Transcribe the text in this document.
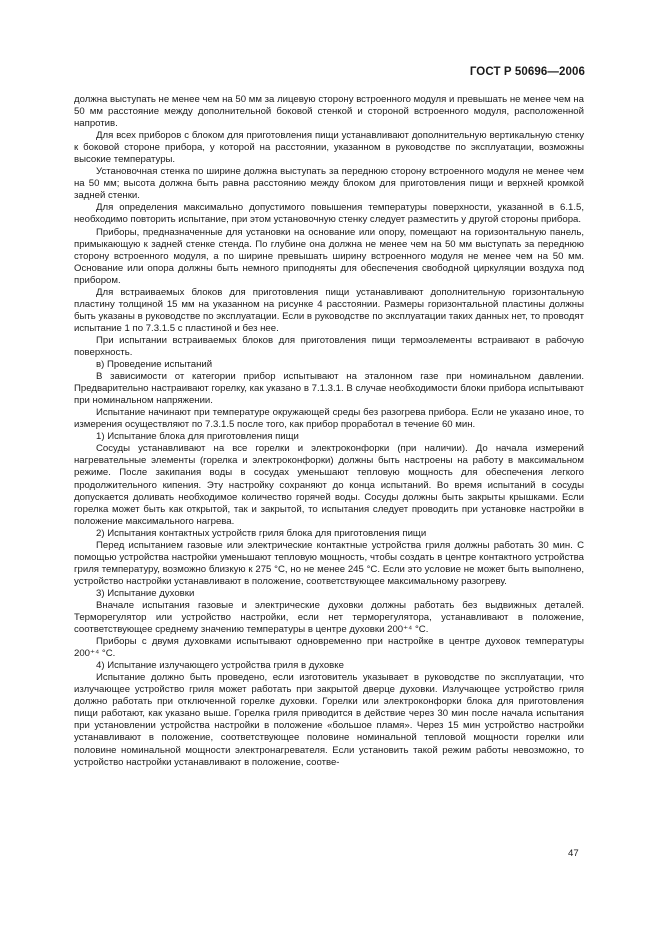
ГОСТ Р 50696—2006

должна выступать не менее чем на 50 мм за лицевую сторону встроенного модуля и превышать не менее чем на 50 мм расстояние между дополнительной боковой стенкой и стороной встроенного модуля, расположенной напротив.

Для всех приборов с блоком для приготовления пищи устанавливают дополнительную вертикальную стенку к боковой стороне прибора, у которой на расстоянии, указанном в руководстве по эксплуатации, возможны высокие температуры.

Установочная стенка по ширине должна выступать за переднюю сторону встроенного модуля не менее чем на 50 мм; высота должна быть равна расстоянию между блоком для приготовления пищи и верхней кромкой задней стенки.

Для определения максимально допустимого повышения температуры поверхности, указанной в 6.1.5, необходимо повторить испытание, при этом установочную стенку следует разместить у другой стороны прибора.

Приборы, предназначенные для установки на основание или опору, помещают на горизонтальную панель, примыкающую к задней стенке стенда. По глубине она должна не менее чем на 50 мм выступать за переднюю сторону встроенного модуля, а по ширине превышать ширину встроенного модуля не менее чем на 50 мм. Основание или опора должны быть немного приподняты для обеспечения свободной циркуляции воздуха под прибором.

Для встраиваемых блоков для приготовления пищи устанавливают дополнительную горизонтальную пластину толщиной 15 мм на указанном на рисунке 4 расстоянии. Размеры горизонтальной пластины должны быть указаны в руководстве по эксплуатации. Если в руководстве по эксплуатации таких данных нет, то проводят испытание 1 по 7.3.1.5 с пластиной и без нее.

При испытании встраиваемых блоков для приготовления пищи термоэлементы встраивают в рабочую поверхность.

в) Проведение испытаний

В зависимости от категории прибор испытывают на эталонном газе при номинальном давлении. Предварительно настраивают горелку, как указано в 7.1.3.1. В случае необходимости блоки прибора испытывают при номинальном напряжении.

Испытание начинают при температуре окружающей среды без разогрева прибора. Если не указано иное, то измерения осуществляют по 7.3.1.5 после того, как прибор проработал в течение 60 мин.

1) Испытание блока для приготовления пищи

Сосуды устанавливают на все горелки и электроконфорки (при наличии). До начала измерений нагревательные элементы (горелка и электроконфорки) должны быть настроены на работу в максимальном режиме. После закипания воды в сосудах уменьшают тепловую мощность для обеспечения легкого продолжительного кипения. Эту настройку сохраняют до конца испытаний. Во время испытаний в сосуды допускается доливать необходимое количество горячей воды. Сосуды должны быть закрыты крышками. Если горелка может быть как открытой, так и закрытой, то испытания следует проводить при установке настройки в положение максимального нагрева.

2) Испытания контактных устройств гриля блока для приготовления пищи

Перед испытанием газовые или электрические контактные устройства гриля должны работать 30 мин. С помощью устройства настройки уменьшают тепловую мощность, чтобы создать в центре контактного устройства гриля температуру, возможно близкую к 275 °С, но не менее 245 °С. Если это условие не может быть выполнено, устройство настройки устанавливают в положение, соответствующее максимальному разогреву.

3) Испытание духовки

Вначале испытания газовые и электрические духовки должны работать без выдвижных деталей. Терморегулятор или устройство настройки, если нет терморегулятора, устанавливают в положение, соответствующее среднему значению температуры в центре духовки 200⁺⁴ °С.

Приборы с двумя духовками испытывают одновременно при настройке в центре духовок температуры 200⁺⁴ °С.

4) Испытание излучающего устройства гриля в духовке

Испытание должно быть проведено, если изготовитель указывает в руководстве по эксплуатации, что излучающее устройство гриля может работать при закрытой дверце духовки. Излучающее устройство гриля должно работать при отключенной горелке духовки. Горелки или электроконфорки блока для приготовления пищи работают, как указано выше. Горелка гриля приводится в действие через 30 мин после начала испытания при установлении устройства настройки в положение «большое пламя». Через 15 мин устройство настройки устанавливают в положение, соответствующее половине номинальной тепловой мощности горелки или половине номинальной мощности электронагревателя. Если установить такой режим работы невозможно, то устройство настройки устанавливают в положение, соотве-

47
